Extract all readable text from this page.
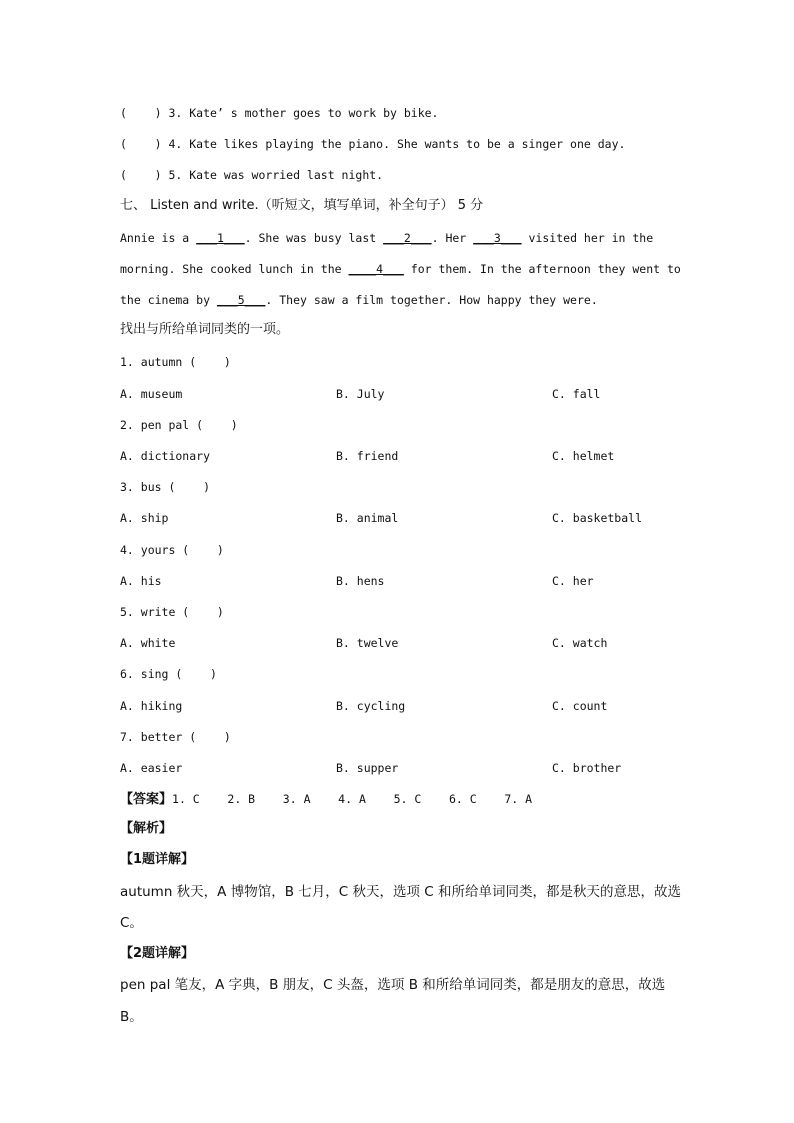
(    ) 3. Kate’ s mother goes to work by bike.
(    ) 4. Kate likes playing the piano. She wants to be a singer one day.
(    ) 5. Kate was worried last night.
七、 Listen and write.（听短文，填写单词，补全句子） 5 分
Annie is a ___1___. She was busy last ___2___. Her ___3___ visited her in the
morning. She cooked lunch in the ____4___ for them. In the afternoon they went to
the cinema by ___5___. They saw a film together. How happy they were.
找出与所给单词同类的一项。
1. autumn (    )
A. museum	B. July	C. fall
2. pen pal (    )
A. dictionary	B. friend	C. helmet
3. bus (    )
A. ship	B. animal	C. basketball
4. yours (    )
A. his	B. hens	C. her
5. write (    )
A. white	B. twelve	C. watch
6. sing (    )
A. hiking	B. cycling	C. count
7. better (    )
A. easier	B. supper	C. brother
【答案】1. C    2. B    3. A    4. A    5. C    6. C    7. A
【解析】
【1题详解】
autumn 秋天，A 博物馆，B 七月，C 秋天，选项 C 和所给单词同类，都是秋天的意思，故选
C。
【2题详解】
pen pal 笔友，A 字典，B 朋友，C 头盔，选项 B 和所给单词同类，都是朋友的意思，故选
B。
